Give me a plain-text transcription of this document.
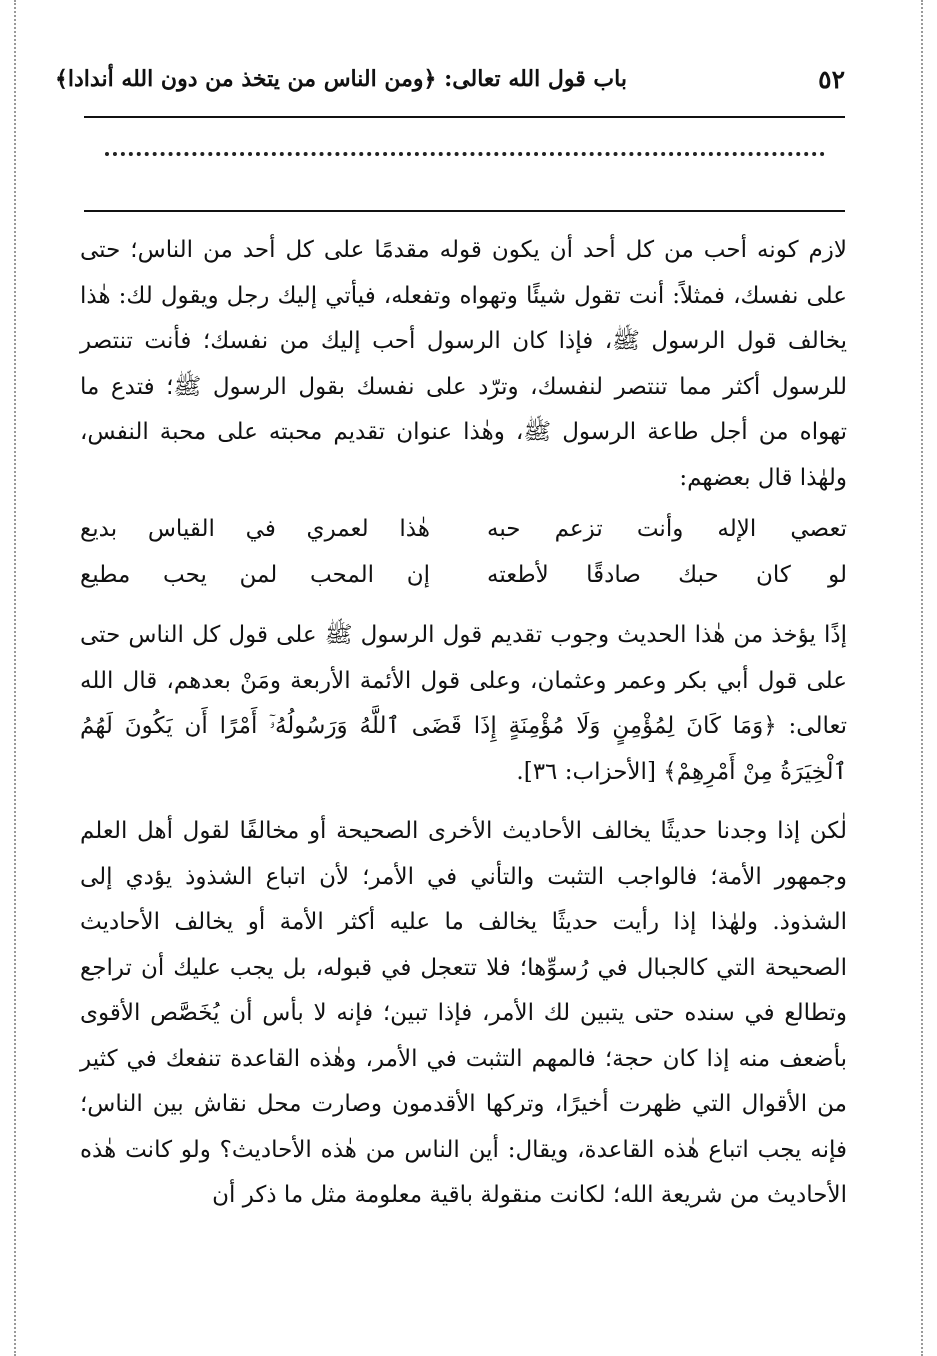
٥٢
باب قول الله تعالى: ﴿ومن الناس من يتخذ من دون الله أندادا﴾

لازم كونه أحب من كل أحد أن يكون قوله مقدمًا على كل أحد من الناس؛ حتى على نفسك، فمثلاً: أنت تقول شيئًا وتهواه وتفعله، فيأتي إليك رجل ويقول لك: هٰذا يخالف قول الرسول ﷺ، فإذا كان الرسول أحب إليك من نفسك؛ فأنت تنتصر للرسول أكثر مما تنتصر لنفسك، وترّد على نفسك بقول الرسول ﷺ؛ فتدع ما تهواه من أجل طاعة الرسول ﷺ، وهٰذا عنوان تقديم محبته على محبة النفس، ولهٰذا قال بعضهم:

تعصي الإله وأنت تزعم حبه
هٰذا لعمري في القياس بديع
لو كان حبك صادقًا لأطعته
إن المحب لمن يحب مطيع

إذًا يؤخذ من هٰذا الحديث وجوب تقديم قول الرسول ﷺ على قول كل الناس حتى على قول أبي بكر وعمر وعثمان، وعلى قول الأئمة الأربعة ومَنْ بعدهم، قال الله تعالى: ﴿وَمَا كَانَ لِمُؤْمِنٍ وَلَا مُؤْمِنَةٍ إِذَا قَضَى ٱللَّهُ وَرَسُولُهُۥٓ أَمْرًا أَن يَكُونَ لَهُمُ ٱلْخِيَرَةُ مِنْ أَمْرِهِمْ﴾ [الأحزاب: ٣٦].

لٰكن إذا وجدنا حديثًا يخالف الأحاديث الأخرى الصحيحة أو مخالفًا لقول أهل العلم وجمهور الأمة؛ فالواجب التثبت والتأني في الأمر؛ لأن اتباع الشذوذ يؤدي إلى الشذوذ. ولهٰذا إذا رأيت حديثًا يخالف ما عليه أكثر الأمة أو يخالف الأحاديث الصحيحة التي كالجبال في رُسوِّها؛ فلا تتعجل في قبوله، بل يجب عليك أن تراجع وتطالع في سنده حتى يتبين لك الأمر، فإذا تبين؛ فإنه لا بأس أن يُخَصَّص الأقوى بأضعف منه إذا كان حجة؛ فالمهم التثبت في الأمر، وهٰذه القاعدة تنفعك في كثير من الأقوال التي ظهرت أخيرًا، وتركها الأقدمون وصارت محل نقاش بين الناس؛ فإنه يجب اتباع هٰذه القاعدة، ويقال: أين الناس من هٰذه الأحاديث؟ ولو كانت هٰذه الأحاديث من شريعة الله؛ لكانت منقولة باقية معلومة مثل ما ذكر أن
